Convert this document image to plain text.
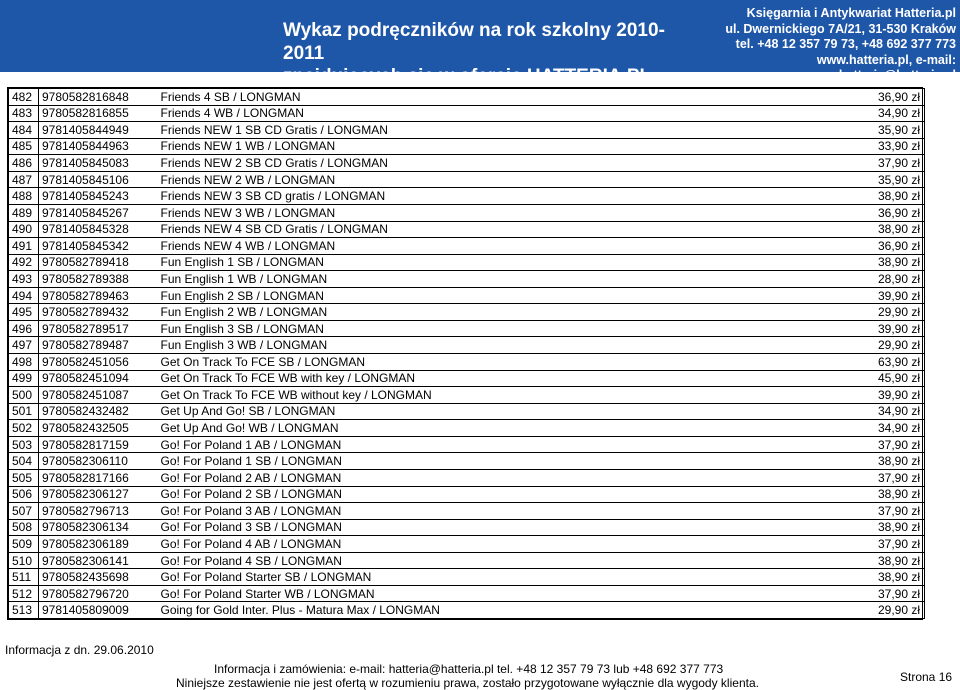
Wykaz podręczników na rok szkolny 2010-2011
znajdujących się w ofercie HATTERIA.PL
Księgarnia i Antykwariat Hatteria.pl
ul. Dwernickiego 7A/21, 31-530 Kraków
tel. +48 12 357 79 73, +48 692 377 773
www.hatteria.pl, e-mail: hatteria@hatteria.pl
482	9780582816848	Friends 4 SB / LONGMAN	36,90 zł
483	9780582816855	Friends 4 WB / LONGMAN	34,90 zł
484	9781405844949	Friends NEW 1 SB CD Gratis / LONGMAN	35,90 zł
485	9781405844963	Friends NEW 1 WB / LONGMAN	33,90 zł
486	9781405845083	Friends NEW 2 SB CD Gratis / LONGMAN	37,90 zł
487	9781405845106	Friends NEW 2 WB / LONGMAN	35,90 zł
488	9781405845243	Friends NEW 3 SB CD gratis / LONGMAN	38,90 zł
489	9781405845267	Friends NEW 3 WB / LONGMAN	36,90 zł
490	9781405845328	Friends NEW 4 SB CD Gratis / LONGMAN	38,90 zł
491	9781405845342	Friends NEW 4 WB / LONGMAN	36,90 zł
492	9780582789418	Fun English 1 SB / LONGMAN	38,90 zł
493	9780582789388	Fun English 1 WB / LONGMAN	28,90 zł
494	9780582789463	Fun English 2 SB / LONGMAN	39,90 zł
495	9780582789432	Fun English 2 WB / LONGMAN	29,90 zł
496	9780582789517	Fun English 3 SB / LONGMAN	39,90 zł
497	9780582789487	Fun English 3 WB / LONGMAN	29,90 zł
498	9780582451056	Get On Track To FCE SB / LONGMAN	63,90 zł
499	9780582451094	Get On Track To FCE WB with key / LONGMAN	45,90 zł
500	9780582451087	Get On Track To FCE WB without key / LONGMAN	39,90 zł
501	9780582432482	Get Up And Go! SB / LONGMAN	34,90 zł
502	9780582432505	Get Up And Go! WB / LONGMAN	34,90 zł
503	9780582817159	Go! For Poland 1 AB / LONGMAN	37,90 zł
504	9780582306110	Go! For Poland 1 SB / LONGMAN	38,90 zł
505	9780582817166	Go! For Poland 2 AB / LONGMAN	37,90 zł
506	9780582306127	Go! For Poland 2 SB / LONGMAN	38,90 zł
507	9780582796713	Go! For Poland 3 AB / LONGMAN	37,90 zł
508	9780582306134	Go! For Poland 3 SB / LONGMAN	38,90 zł
509	9780582306189	Go! For Poland 4 AB / LONGMAN	37,90 zł
510	9780582306141	Go! For Poland 4 SB / LONGMAN	38,90 zł
511	9780582435698	Go! For Poland Starter SB / LONGMAN	38,90 zł
512	9780582796720	Go! For Poland Starter WB / LONGMAN	37,90 zł
513	9781405809009	Going for Gold Inter. Plus - Matura Max / LONGMAN	29,90 zł
Informacja z dn. 29.06.2010
Informacja i zamówienia: e-mail: hatteria@hatteria.pl tel. +48 12 357 79 73 lub +48 692 377 773
Niniejsze zestawienie nie jest ofertą w rozumieniu prawa, zostało przygotowane wyłącznie dla wygody klienta.	Strona 16
